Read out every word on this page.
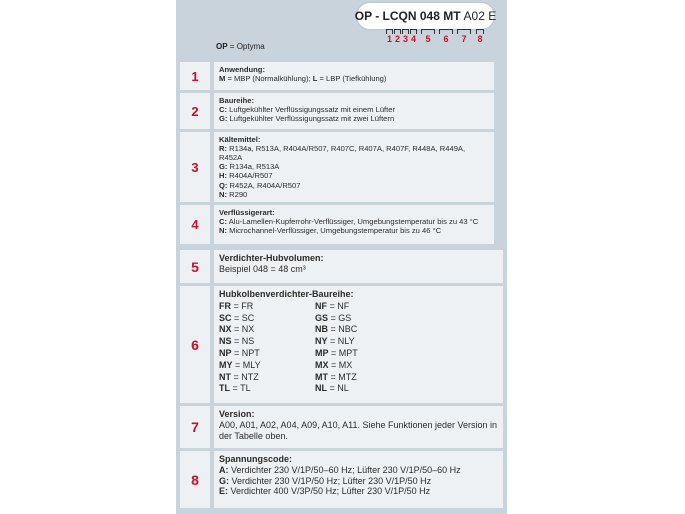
OP - LCQN 048 MT A02 E
1 2 3 4	5	6	7	8
OP = Optyma
1	Anwendung:
M = MBP (Normalkühlung); L = LBP (Tiefkühlung)
2
Baureihe:
C: Luftgekühlter Verflüssigungssatz mit einem Lüfter
G: Luftgekühlter Verflüssigungssatz mit zwei Lüftern
3
Kältemittel:
R: R134a, R513A, R404A/R507, R407C, R407A, R407F, R448A, R449A, R452A
G: R134a, R513A
H: R404A/R507
Q: R452A, R404A/R507
N: R290
4
Verflüssigerart:
C: Alu-Lamellen-Kupferrohr-Verflüssiger, Umgebungstemperatur bis zu 43 °C
N: Microchannel-Verflüssiger, Umgebungstemperatur bis zu 46 °C
5
Verdichter-Hubvolumen:
Beispiel 048 = 48 cm³
6
Hubkolbenverdichter-Baureihe:
FR = FR	NF = NF
SC = SC	GS = GS
NX = NX	NB = NBC
NS = NS	NY = NLY
NP = NPT	MP = MPT
MY = MLY	MX = MX
NT = NTZ	MT = MTZ
TL = TL	NL = NL
7
Version:
A00, A01, A02, A04, A09, A10, A11. Siehe Funktionen jeder Version in der Tabelle oben.
8
Spannungscode:
A: Verdichter 230 V/1P/50–60 Hz; Lüfter 230 V/1P/50–60 Hz
G: Verdichter 230 V/1P/50 Hz; Lüfter 230 V/1P/50 Hz
E: Verdichter 400 V/3P/50 Hz; Lüfter 230 V/1P/50 Hz
